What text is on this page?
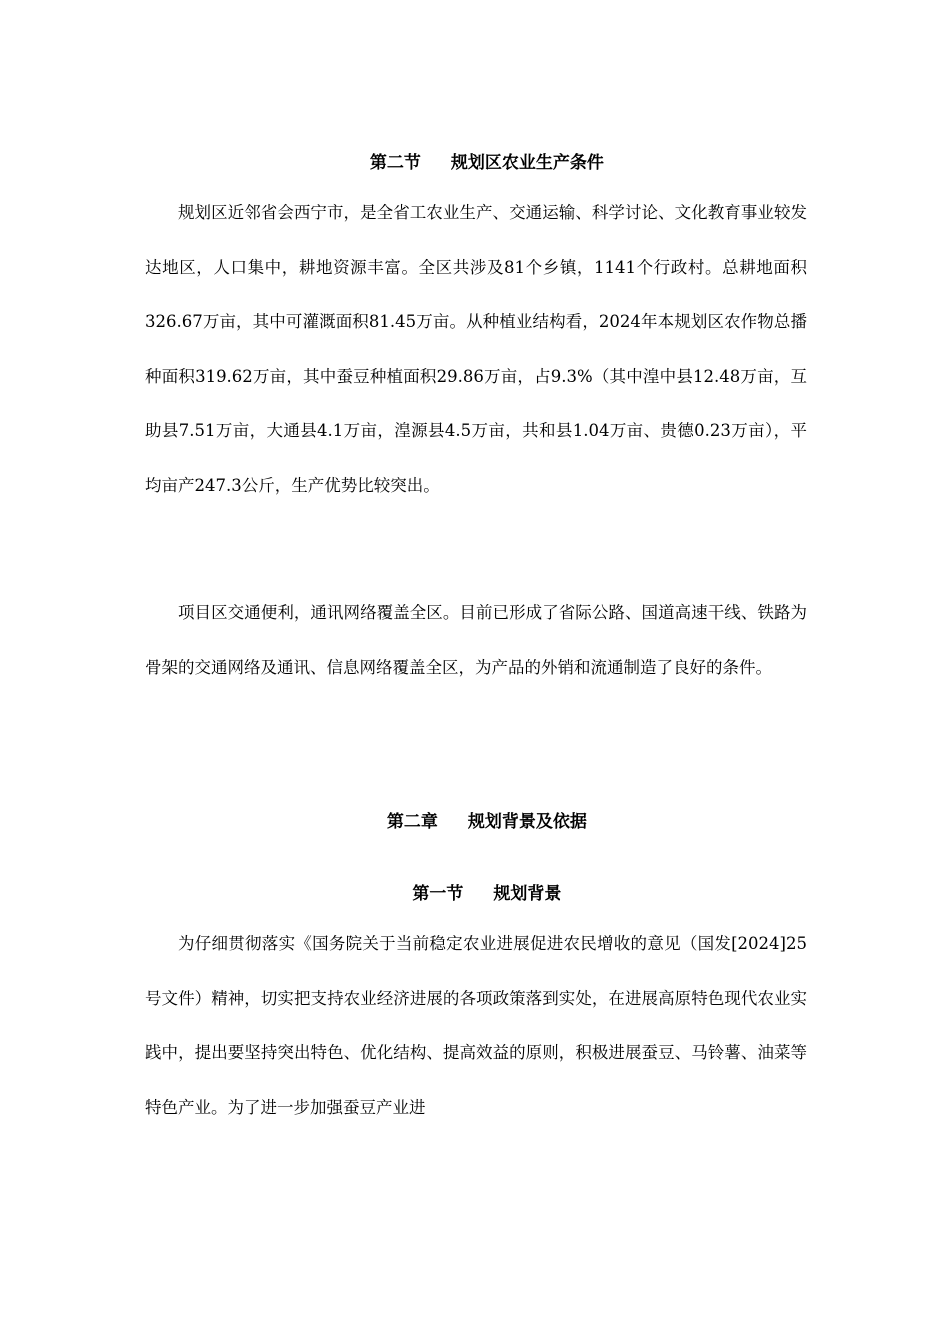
第二节 规划区农业生产条件

规划区近邻省会西宁市，是全省工农业生产、交通运输、科学讨论、文化教育事业较发达地区，人口集中，耕地资源丰富。全区共涉及81个乡镇，1141个行政村。总耕地面积326.67万亩，其中可灌溉面积81.45万亩。从种植业结构看，2024年本规划区农作物总播种面积319.62万亩，其中蚕豆种植面积29.86万亩，占9.3%（其中湟中县12.48万亩，互助县7.51万亩，大通县4.1万亩，湟源县4.5万亩，共和县1.04万亩、贵德0.23万亩），平均亩产247.3公斤，生产优势比较突出。

项目区交通便利，通讯网络覆盖全区。目前已形成了省际公路、国道高速干线、铁路为骨架的交通网络及通讯、信息网络覆盖全区，为产品的外销和流通制造了良好的条件。

第二章 规划背景及依据

第一节 规划背景

为仔细贯彻落实《国务院关于当前稳定农业进展促进农民增收的意见（国发[2024]25号文件）精神，切实把支持农业经济进展的各项政策落到实处，在进展高原特色现代农业实践中，提出要坚持突出特色、优化结构、提高效益的原则，积极进展蚕豆、马铃薯、油菜等特色产业。为了进一步加强蚕豆产业进
